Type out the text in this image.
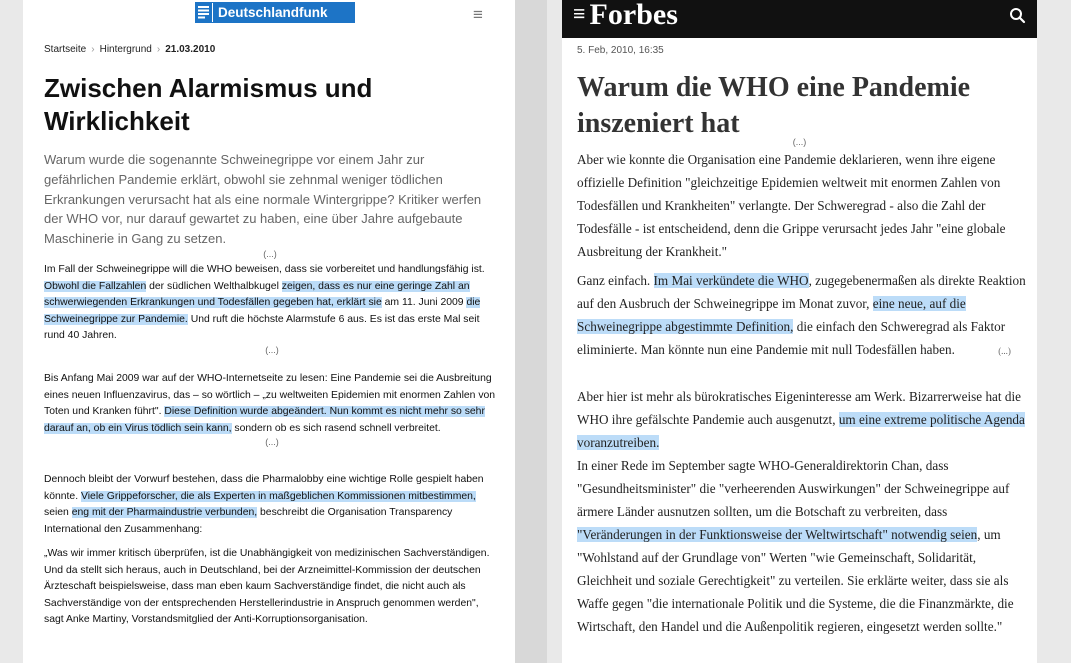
Deutschlandfunk	≡
Startseite › Hintergrund › 21.03.2010
Zwischen Alarmismus und Wirklichkeit
Warum wurde die sogenannte Schweinegrippe vor einem Jahr zur gefährlichen Pandemie erklärt, obwohl sie zehnmal weniger tödlichen Erkrankungen verursacht hat als eine normale Wintergrippe? Kritiker werfen der WHO vor, nur darauf gewartet zu haben, eine über Jahre aufgebaute Maschinerie in Gang zu setzen.
(...)
Im Fall der Schweinegrippe will die WHO beweisen, dass sie vorbereitet und handlungsfähig ist. Obwohl die Fallzahlen der südlichen Welthalbkugel zeigen, dass es nur eine geringe Zahl an schwerwiegenden Erkrankungen und Todesfällen gegeben hat, erklärt sie am 11. Juni 2009 die Schweinegrippe zur Pandemie. Und ruft die höchste Alarmstufe 6 aus. Es ist das erste Mal seit rund 40 Jahren.
(...)
Bis Anfang Mai 2009 war auf der WHO-Internetseite zu lesen: Eine Pandemie sei die Ausbreitung eines neuen Influenzavirus, das – so wörtlich – „zu weltweiten Epidemien mit enormen Zahlen von Toten und Kranken führt". Diese Definition wurde abgeändert. Nun kommt es nicht mehr so sehr darauf an, ob ein Virus tödlich sein kann, sondern ob es sich rasend schnell verbreitet.
(...)
Dennoch bleibt der Vorwurf bestehen, dass die Pharmalobby eine wichtige Rolle gespielt haben könnte. Viele Grippeforscher, die als Experten in maßgeblichen Kommissionen mitbestimmen, seien eng mit der Pharmaindustrie verbunden, beschreibt die Organisation Transparency International den Zusammenhang:
„Was wir immer kritisch überprüfen, ist die Unabhängigkeit von medizinischen Sachverständigen. Und da stellt sich heraus, auch in Deutschland, bei der Arzneimittel-Kommission der deutschen Ärzteschaft beispielsweise, dass man eben kaum Sachverständige findet, die nicht auch als Sachverständige von der entsprechenden Herstellerindustrie in Anspruch genommen werden", sagt Anke Martiny, Vorstandsmitglied der Anti-Korruptionsorganisation.
≡ Forbes
5. Feb, 2010, 16:35
Warum die WHO eine Pandemie inszeniert hat
(...)
Aber wie konnte die Organisation eine Pandemie deklarieren, wenn ihre eigene offizielle Definition "gleichzeitige Epidemien weltweit mit enormen Zahlen von Todesfällen und Krankheiten" verlangte. Der Schweregrad - also die Zahl der Todesfälle - ist entscheidend, denn die Grippe verursacht jedes Jahr "eine globale Ausbreitung der Krankheit."
Ganz einfach. Im Mai verkündete die WHO, zugegebenermaßen als direkte Reaktion auf den Ausbruch der Schweinegrippe im Monat zuvor, eine neue, auf die Schweinegrippe abgestimmte Definition, die einfach den Schweregrad als Faktor eliminierte. Man könnte nun eine Pandemie mit null Todesfällen haben.	(...)
Aber hier ist mehr als bürokratisches Eigeninteresse am Werk. Bizarrerweise hat die WHO ihre gefälschte Pandemie auch ausgenutzt, um eine extreme politische Agenda voranzutreiben.
In einer Rede im September sagte WHO-Generaldirektorin Chan, dass "Gesundheitsminister" die "verheerenden Auswirkungen" der Schweinegrippe auf ärmere Länder ausnutzen sollten, um die Botschaft zu verbreiten, dass "Veränderungen in der Funktionsweise der Weltwirtschaft" notwendig seien, um "Wohlstand auf der Grundlage von" Werten "wie Gemeinschaft, Solidarität, Gleichheit und soziale Gerechtigkeit" zu verteilen. Sie erklärte weiter, dass sie als Waffe gegen "die internationale Politik und die Systeme, die die Finanzmärkte, die Wirtschaft, den Handel und die Außenpolitik regieren, eingesetzt werden sollte."
